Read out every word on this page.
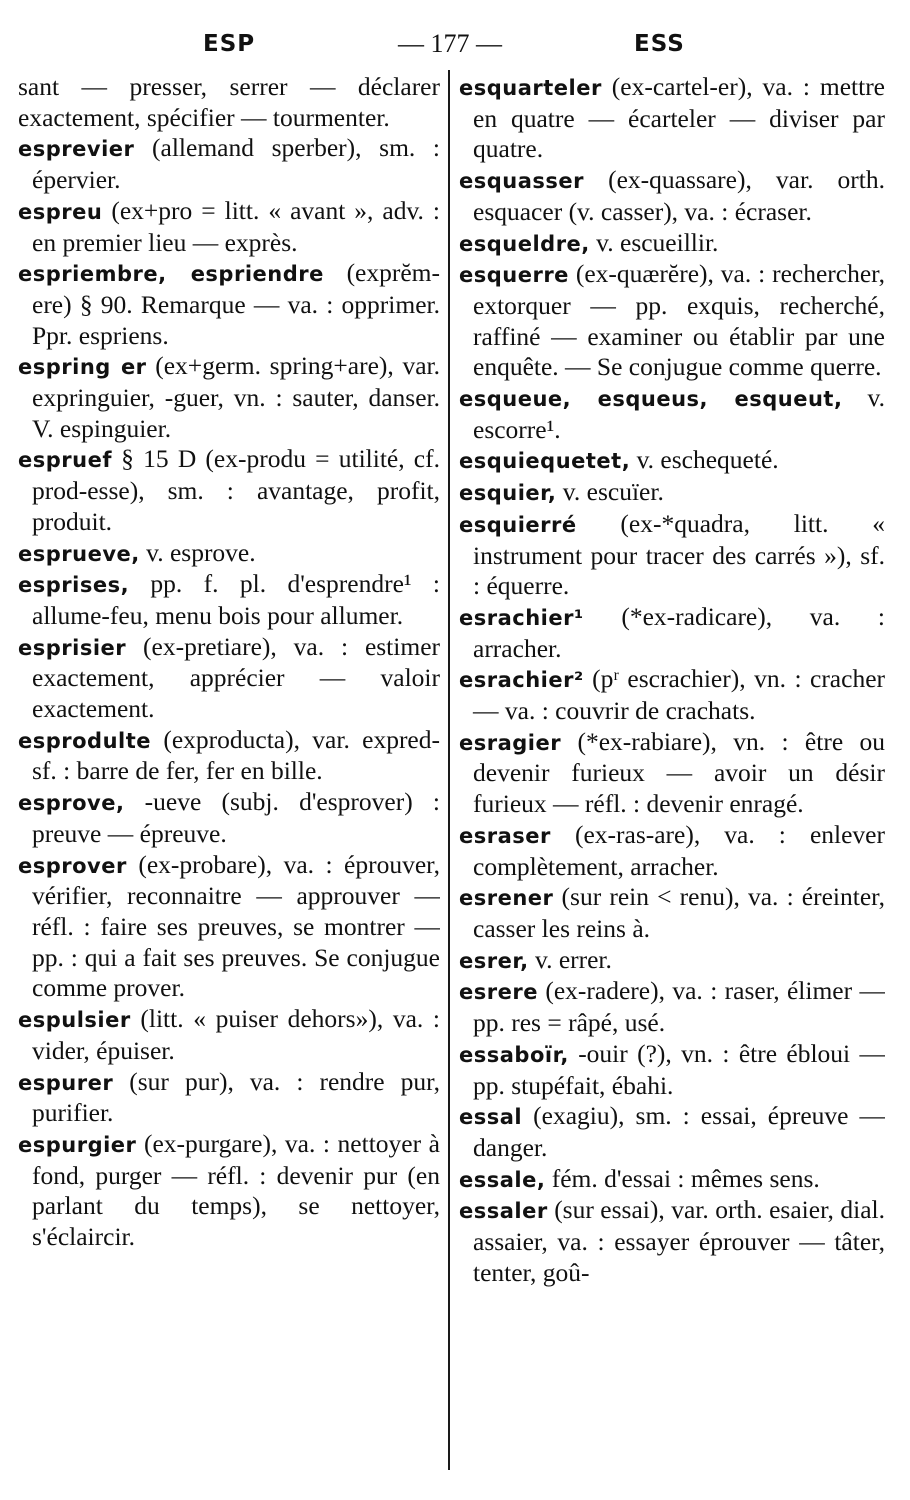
ESP	— 177 —	ESS

sant — presser, serrer — déclarer exactement, spécifier — tourmenter.

esprevier (allemand sperber), sm. : épervier.

espreu (ex+pro = litt. « avant », adv. : en premier lieu — exprès.

espriembre, espriendre (exprĕm-ere) § 90. Remarque — va. : opprimer. Ppr. espriens.

espring er (ex+germ. spring+are), var. expringuier, -guer, vn. : sauter, danser. V. espinguier.

espruef § 15 D (ex-produ = utilité, cf. prod-esse), sm. : avantage, profit, produit.

esprueve, v. esprove.

esprises, pp. f. pl. d'esprendre¹ : allume-feu, menu bois pour allumer.

esprisier (ex-pretiare), va. : estimer exactement, apprécier — valoir exactement.

esprodulte (exproducta), var. expred- sf. : barre de fer, fer en bille.

esprove, -ueve (subj. d'esprover) : preuve — épreuve.

esprover (ex-probare), va. : éprouver, vérifier, reconnaitre — approuver — réfl. : faire ses preuves, se montrer — pp. : qui a fait ses preuves. Se conjugue comme prover.

espulsier (litt. « puiser dehors»), va. : vider, épuiser.

espurer (sur pur), va. : rendre pur, purifier.

espurgier (ex-purgare), va. : nettoyer à fond, purger — réfl. : devenir pur (en parlant du temps), se nettoyer, s'éclaircir.

esquarteler (ex-cartel-er), va. : mettre en quatre — écarteler — diviser par quatre.

esquasser (ex-quassare), var. orth. esquacer (v. casser), va. : écraser.

esqueldre, v. escueillir.

esquerre (ex-quærĕre), va. : rechercher, extorquer — pp. exquis, recherché, raffiné — examiner ou établir par une enquête. — Se conjugue comme querre.

esqueue, esqueus, esqueut, v. escorre¹.

esquiequetet, v. eschequeté.

esquier, v. escuïer.

esquierré (ex-*quadra, litt. « instrument pour tracer des carrés »), sf. : équerre.

esrachier¹ (*ex-radicare), va. : arracher.

esrachier² (pʳ escrachier), vn. : cracher — va. : couvrir de crachats.

esragier (*ex-rabiare), vn. : être ou devenir furieux — avoir un désir furieux — réfl. : devenir enragé.

esraser (ex-ras-are), va. : enlever complètement, arracher.

esrener (sur rein < renu), va. : éreinter, casser les reins à.

esrer, v. errer.

esrere (ex-radere), va. : raser, élimer — pp. res = râpé, usé.

essaboïr, -ouir (?), vn. : être ébloui — pp. stupéfait, ébahi.

essal (exagiu), sm. : essai, épreuve — danger.

essale, fém. d'essai : mêmes sens.

essaler (sur essai), var. orth. esaier, dial. assaier, va. : essayer éprouver — tâter, tenter, goû-
